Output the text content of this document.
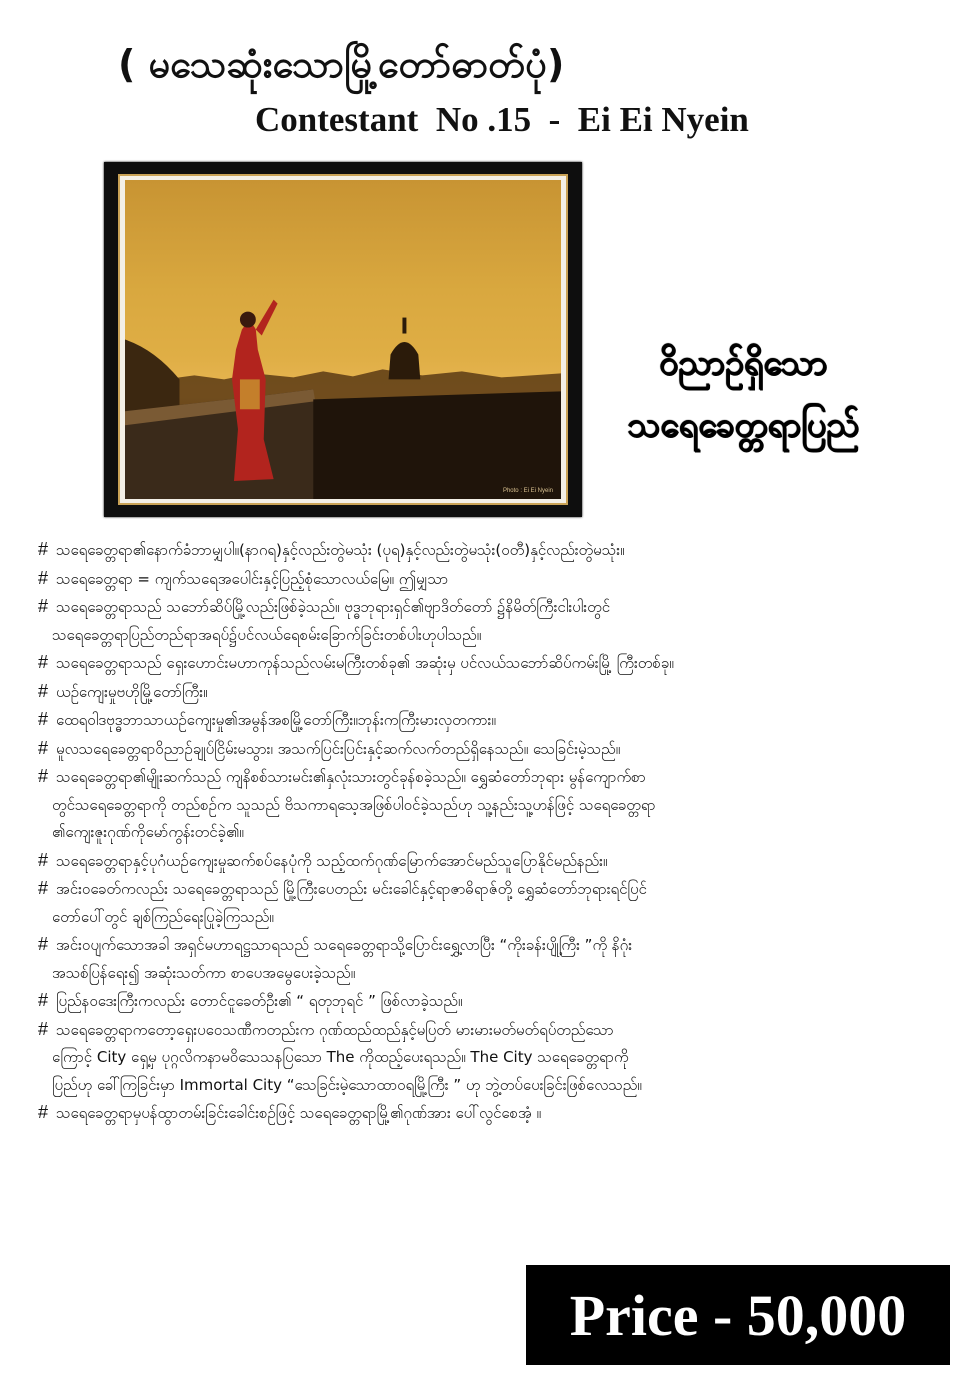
( မသေဆုံးသောမြို့တော်ဓာတ်ပုံ)
Contestant  No .15  -  Ei Ei Nyein
Photo : Ei Ei Nyein
ဝိညာဉ်ရှိသော
သရေခေတ္တရာပြည်
# သရေခေတ္တရာ၏နောက်ခံဘာမျှပါ။(နာဂရ)နှင့်လည်းတွဲမသုံး (ပုရ)နှင့်လည်းတွဲမသုံး(ဝတီ)နှင့်လည်းတွဲမသုံး။
# သရေခေတ္တရာ = ကျက်သရေအပေါင်းနှင့်ပြည့်စုံသောလယ်မြေ။ ဤမျှသာ
# သရေခေတ္တရာသည် သဘော်ဆိပ်မြို့လည်းဖြစ်ခဲ့သည်။ ဗုဒ္ဓဘုရားရှင်၏ဗျာဒိတ်တော် ၌နိမိတ်ကြီးငါးပါးတွင်
သရေခေတ္တရာပြည်တည်ရာအရပ်၌ပင်လယ်ရေစမ်းခြောက်ခြင်းတစ်ပါးဟုပါသည်။
# သရေခေတ္တရာသည် ရှေးဟောင်းမဟာကုန်သည်လမ်းမကြီးတစ်ခု၏ အဆုံးမှ ပင်လယ်သဘော်ဆိပ်ကမ်းမြို့ ကြီးတစ်ခု။
# ယဉ်ကျေးမှုဗဟိုမြို့တော်ကြီး။
# ထေရဝါဒဗုဒ္ဓဘာသာယဉ်ကျေးမှု၏အမွန်အစမြို့တော်ကြီး။ဘုန်းကကြီးမားလှတကား။
# မူလသရေခေတ္တရာဝိညာဉ်ချုပ်ငြိမ်းမသွား၊ အသက်ပြင်းပြင်းနှင့်ဆက်လက်တည်ရှိနေသည်။ သေခြင်းမဲ့သည်။
# သရေခေတ္တရာ၏မျိုးဆက်သည် ကျနိစစ်သားမင်း၏နှလုံးသားတွင်ခုန်စခဲ့သည်။ ရွှေဆံတော်ဘုရား မွန်ကျောက်စာ
တွင်သရေခေတ္တရာကို တည်စဉ်က သူသည် ဗိသကာရသေ့အဖြစ်ပါဝင်ခဲ့သည်ဟု သူ့နည်းသူ့ဟန်ဖြင့် သရေခေတ္တရာ
၏ကျေးဇူးဂုဏ်ကိုမော်ကွန်းတင်ခဲ့၏။
# သရေခေတ္တရာနှင့်ပုဂံယဉ်ကျေးမှုဆက်စပ်နေပုံကို သည့်ထက်ဂုဏ်မြောက်အောင်မည်သူပြောနိုင်မည်နည်း။
# အင်းဝခေတ်ကလည်း သရေခေတ္တရာသည် မြို့ကြီးပေတည်း မင်းခေါင်နှင့်ရာဇာဓိရာဇ်တို့ ရွှေဆံတော်ဘုရားရင်ပြင်
တော်ပေါ်တွင် ချစ်ကြည်ရေးပြုခဲ့ကြသည်။
# အင်းဝပျက်သောအခါ အရှင်မဟာရဋ္ဌသာရသည် သရေခေတ္တရာသို့ပြောင်းရွှေ့လာပြီး “ကိုးခန်းပျို့ကြီး ”ကို နိဂုံး
အသစ်ပြန်ရေး၍ အဆုံးသတ်ကာ စာပေအမွေပေးခဲ့သည်။
# ပြည်နဝဒေးကြီးကလည်း တောင်ငူခေတ်ဦး၏ “ ရတုဘုရင် ” ဖြစ်လာခဲ့သည်။
# သရေခေတ္တရာကတော့ရှေးပဝေသဏီကတည်းက ဂုဏ်ထည်ထည်နှင့်မပြတ် မားမားမတ်မတ်ရပ်တည်သော
ကြောင့် City ရှေ့မှ ပုဂ္ဂလိကနာမဝိသေသနပြသော The ကိုထည့်ပေးရသည်။ The City သရေခေတ္တရာကို
ပြည်ဟု ခေါ်ကြခြင်းမှာ Immortal City “သေခြင်းမဲ့သောထာဝရမြို့ကြီး ” ဟု ဘွဲ့တပ်ပေးခြင်းဖြစ်လေသည်။
# သရေခေတ္တရာမှပန်ထွာတမ်းခြင်းခေါင်းစဉ်ဖြင့် သရေခေတ္တရာမြို့၏ဂုဏ်အား ပေါ်လွင်စေအံ့ ။
Price - 50,000
